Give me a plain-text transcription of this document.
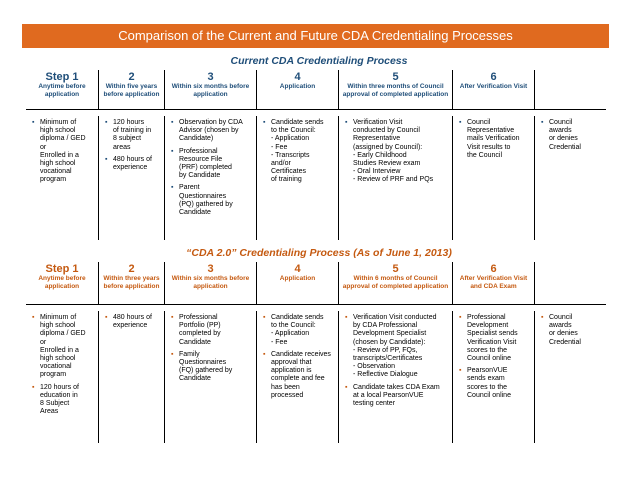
Comparison of the Current and Future CDA Credentialing Processes
Current CDA Credentialing Process
Step 1
Anytime before application
2
Within five years before application
3
Within six months before application
4
Application
5
Within three months of Council approval of completed application
6
After Verification Visit
▪ Minimum of
high school
diploma / GED
or
Enrolled in a
high school
vocational
program
▪ 120 hours
of training in
8 subject
areas
▪ 480 hours of
experience
▪ Observation by CDA
Advisor (chosen by
Candidate)
▪ Professional
Resource File
(PRF) completed
by Candidate
▪ Parent
Questionnaires
(PQ) gathered by
Candidate
▪ Candidate sends
to the Council:
- Application
- Fee
- Transcripts
and/or
Certificates
of training
▪ Verification Visit
conducted by Council
Representative
(assigned by Council):
- Early Childhood
Studies Review exam
- Oral Interview
- Review of PRF and PQs
▪ Council
Representative
mails Verification
Visit results to
the Council
▪ Council
awards
or denies
Credential
“CDA 2.0” Credentialing Process (As of June 1, 2013)
Step 1
Anytime before application
2
Within three years before application
3
Within six months before application
4
Application
5
Within 6 months of Council approval of completed application
6
After Verification Visit and CDA Exam
▪ Minimum of
high school
diploma / GED
or
Enrolled in a
high school
vocational
program
▪ 120 hours of
education in
8 Subject
Areas
▪ 480 hours of
experience
▪ Professional
Portfolio (PP)
completed by
Candidate
▪ Family
Questionnaires
(FQ) gathered by
Candidate
▪ Candidate sends
to the Council:
- Application
- Fee
▪ Candidate receives
approval that
application is
complete and fee
has been
processed
▪ Verification Visit conducted
by CDA Professional
Development Specialist
(chosen by Candidate):
- Review of PP, FQs,
transcripts/Certificates
- Observation
- Reflective Dialogue
▪ Candidate takes CDA Exam
at a local PearsonVUE
testing center
▪ Professional
Development
Specialist sends
Verification Visit
scores to the
Council online
▪ PearsonVUE
sends exam
scores to the
Council online
▪ Council
awards
or denies
Credential
